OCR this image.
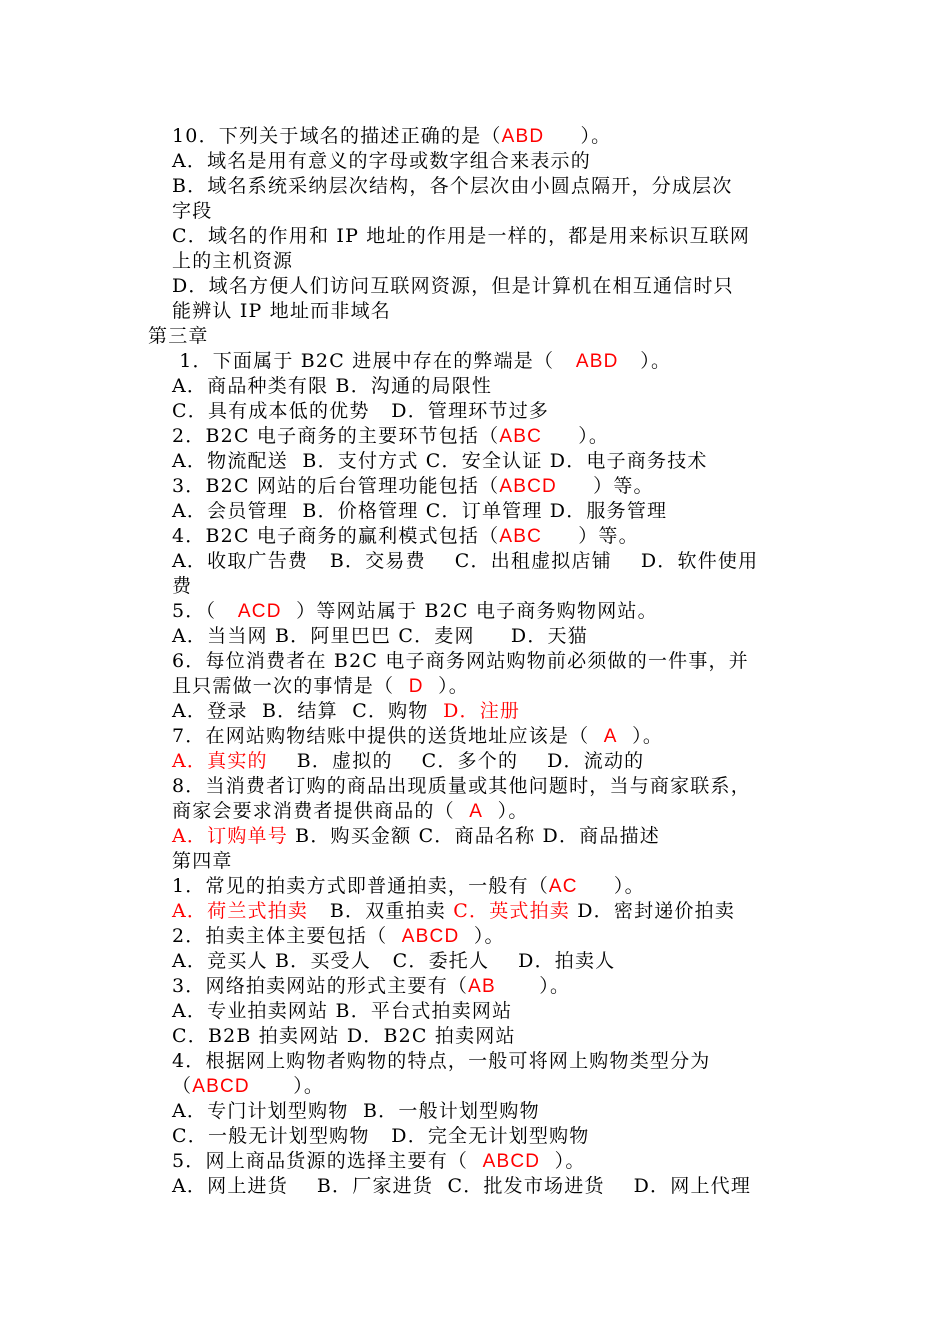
10．下列关于域名的描述正确的是（ABD     ）。
A．域名是用有意义的字母或数字组合来表示的
B．域名系统采纳层次结构，各个层次由小圆点隔开，分成层次
字段
C．域名的作用和 IP 地址的作用是一样的，都是用来标识互联网
上的主机资源
D．域名方便人们访问互联网资源，但是计算机在相互通信时只
能辨认 IP 地址而非域名
第三章
1．下面属于 B2C 进展中存在的弊端是（   ABD   ）。
A．商品种类有限 B．沟通的局限性
C．具有成本低的优势   D．管理环节过多
2．B2C 电子商务的主要环节包括（ABC     ）。
A．物流配送  B．支付方式 C．安全认证 D．电子商务技术
3．B2C 网站的后台管理功能包括（ABCD     ）等。
A．会员管理  B．价格管理 C．订单管理 D．服务管理
4．B2C 电子商务的赢利模式包括（ABC     ）等。
A．收取广告费   B．交易费    C．出租虚拟店铺    D．软件使用
费
5．（   ACD  ）等网站属于 B2C 电子商务购物网站。
A．当当网 B．阿里巴巴 C．麦网     D．天猫
6．每位消费者在 B2C 电子商务网站购物前必须做的一件事，并
且只需做一次的事情是（  D  ）。
A．登录  B．结算  C．购物  D．注册
7．在网站购物结账中提供的送货地址应该是（  A  ）。
A．真实的    B．虚拟的    C．多个的    D．流动的
8．当消费者订购的商品出现质量或其他问题时，当与商家联系，
商家会要求消费者提供商品的（  A  ）。
A．订购单号 B．购买金额 C．商品名称 D．商品描述
第四章
1．常见的拍卖方式即普通拍卖，一般有（AC     ）。
A．荷兰式拍卖   B．双重拍卖 C．英式拍卖 D．密封递价拍卖
2．拍卖主体主要包括（  ABCD  ）。
A．竞买人 B．买受人   C．委托人    D．拍卖人
3．网络拍卖网站的形式主要有（AB      ）。
A．专业拍卖网站 B．平台式拍卖网站
C．B2B 拍卖网站 D．B2C 拍卖网站
4．根据网上购物者购物的特点，一般可将网上购物类型分为
（ABCD      ）。
A．专门计划型购物  B．一般计划型购物
C．一般无计划型购物   D．完全无计划型购物
5．网上商品货源的选择主要有（  ABCD  ）。
A．网上进货    B．厂家进货  C．批发市场进货    D．网上代理
